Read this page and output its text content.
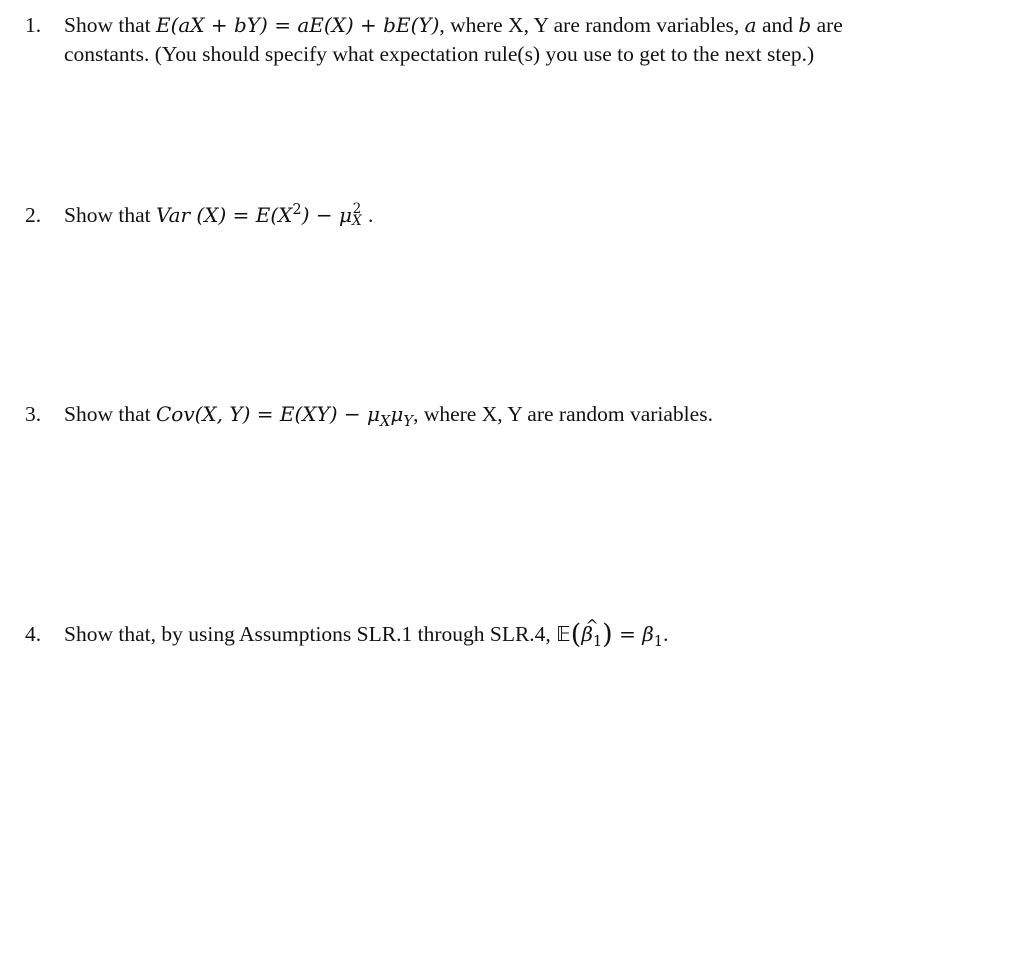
1.	Show that E(aX + bY) = aE(X) + bE(Y), where X, Y are random variables, a and b are
constants. (You should specify what expectation rule(s) you use to get to the next step.)
2.	Show that Var $(X) = E(X^2) - \mu$ 2
X .
3.	Show that Cov(X, $Y) = E(XY) - \mu_X\mu_Y$, where X, Y are random variables.
4.	Show that, by using Assumptions SLR.1 through SLR.4, 𝔼(^ $\beta_1) = \beta_1$.
